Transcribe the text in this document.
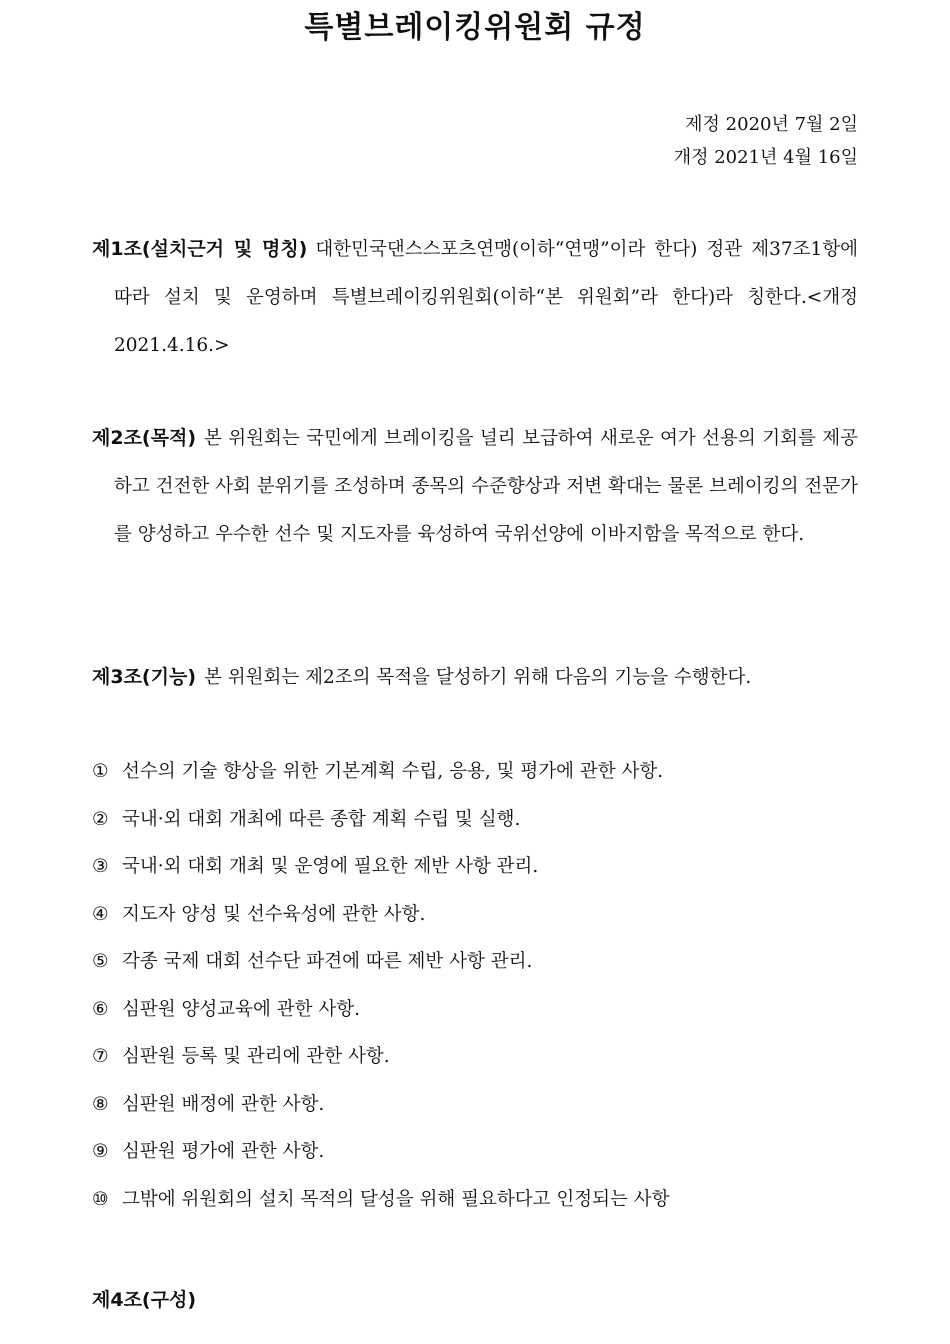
특별브레이킹위원회 규정
제정 2020년 7월 2일
개정 2021년 4월 16일

제1조(설치근거 및 명칭) 대한민국댄스스포츠연맹(이하“연맹”이라 한다) 정관 제37조1항에 따라 설치 및 운영하며 특별브레이킹위원회(이하“본 위원회”라 한다)라 칭한다.<개정 2021.4.16.>

제2조(목적) 본 위원회는 국민에게 브레이킹을 널리 보급하여 새로운 여가 선용의 기회를 제공하고 건전한 사회 분위기를 조성하며 종목의 수준향상과 저변 확대는 물론 브레이킹의 전문가를 양성하고 우수한 선수 및 지도자를 육성하여 국위선양에 이바지함을 목적으로 한다.

제3조(기능) 본 위원회는 제2조의 목적을 달성하기 위해 다음의 기능을 수행한다.

① 선수의 기술 향상을 위한 기본계획 수립, 응용, 및 평가에 관한 사항.
② 국내·외 대회 개최에 따른 종합 계획 수립 및 실행.
③ 국내·외 대회 개최 및 운영에 필요한 제반 사항 관리.
④ 지도자 양성 및 선수육성에 관한 사항.
⑤ 각종 국제 대회 선수단 파견에 따른 제반 사항 관리.
⑥ 심판원 양성교육에 관한 사항.
⑦ 심판원 등록 및 관리에 관한 사항.
⑧ 심판원 배정에 관한 사항.
⑨ 심판원 평가에 관한 사항.
⑩ 그밖에 위원회의 설치 목적의 달성을 위해 필요하다고 인정되는 사항
제4조(구성)
